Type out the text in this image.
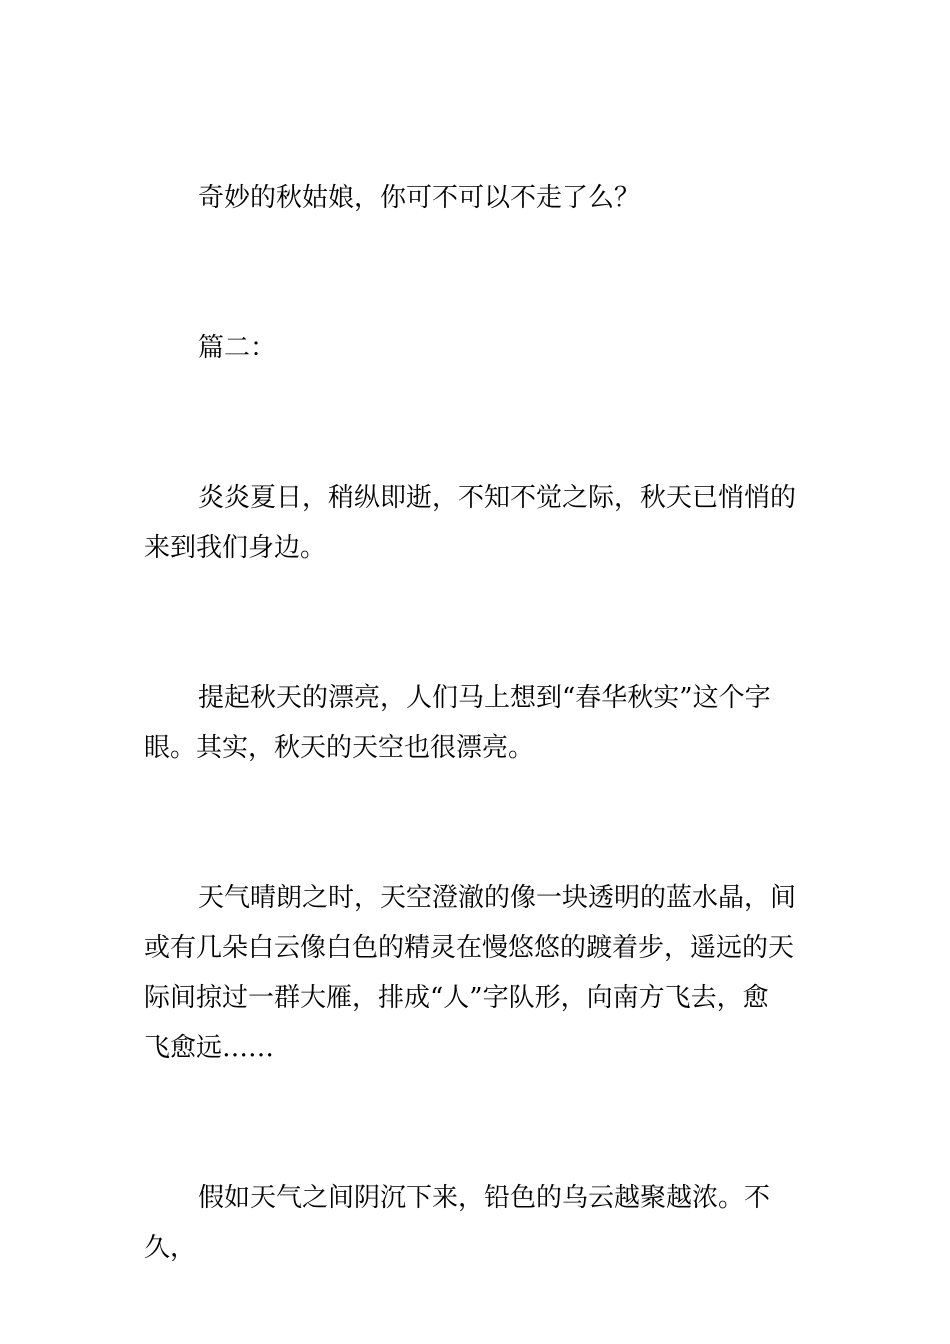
奇妙的秋姑娘，你可不可以不走了么？

篇二：

炎炎夏日，稍纵即逝，不知不觉之际，秋天已悄悄的
来到我们身边。

提起秋天的漂亮，人们马上想到“春华秋实”这个字
眼。其实，秋天的天空也很漂亮。

天气晴朗之时，天空澄澈的像一块透明的蓝水晶，间
或有几朵白云像白色的精灵在慢悠悠的踱着步，遥远的天
际间掠过一群大雁，排成“人”字队形，向南方飞去，愈
飞愈远……

假如天气之间阴沉下来，铅色的乌云越聚越浓。不久，
